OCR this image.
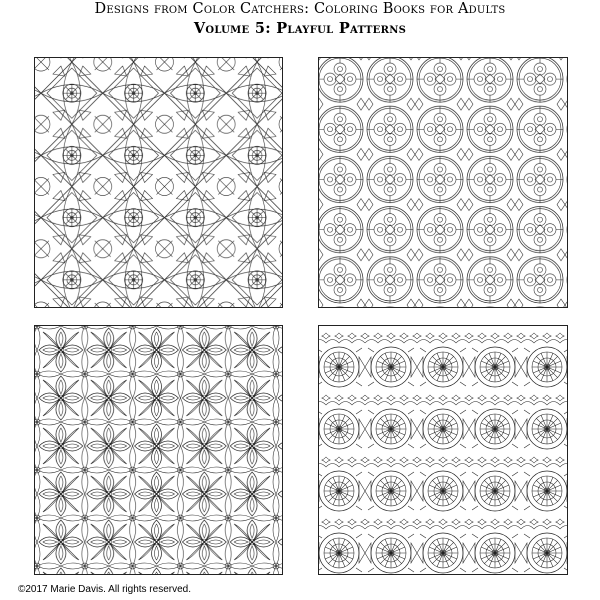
Designs from Color Catchers: Coloring Books for Adults
Volume 5: Playful Patterns
©2017 Marie Davis. All rights reserved.
